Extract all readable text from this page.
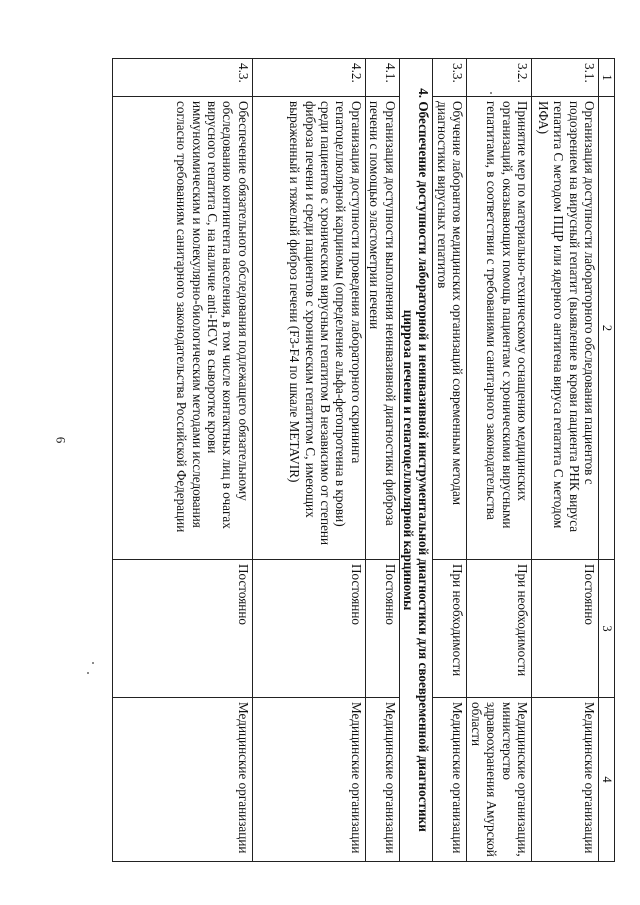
6
1	2	3	4
3.1.	Организация доступности лабораторного обследования пациентов с подозрением на вирусный гепатит (выявление в крови пациента РНК вируса гепатита С методом ПЦР или ядерного антигена вируса гепатита С методом ИФА)	Постоянно	Медицинские организации
3.2.	Принятие мер по материально-техническому оснащению медицинских организаций, оказывающих помощь пациентам с хроническими вирусными гепатитами, в соответствии с требованиями санитарного законодательства	При необходимости	Медицинские организации, министерство здравоохранения Амурской области
3.3.	Обучение лаборантов медицинских организаций современным методам диагностики вирусных гепатитов	При необходимости	Медицинские организации
4. Обеспечение доступности лабораторной и неинвазивной инструментальной диагностики для своевременной диагностики цирроза печени и гепатоцеллюлярной карциномы			
4.1.	Организация доступности выполнения неинвазивной диагностики фиброза печени с помощью эластометрии печени	Постоянно	Медицинские организации
4.2.	Организация доступности проведения лабораторного скрининга гепатоцеллюлярной карциномы (определение альфа-фетопротеина в крови) среди пациентов с хроническим вирусным гепатитом В независимо от степени фиброза печени и среди пациентов с хроническим гепатитом С, имеющих выраженный и тяжелый фиброз печени (F3-F4 по шкале METAVIR)	Постоянно	Медицинские организации
4.3.	Обеспечение обязательного обследования подлежащего обязательному обследованию контингента населения, в том числе контактных лиц в очагах вирусного гепатита С, на наличие anti-HCV в сыворотке крови иммунохимическим и молекулярно-биологическим методами исследования согласно требованиям санитарного законодательства Российской Федерации	Постоянно	Медицинские организации
